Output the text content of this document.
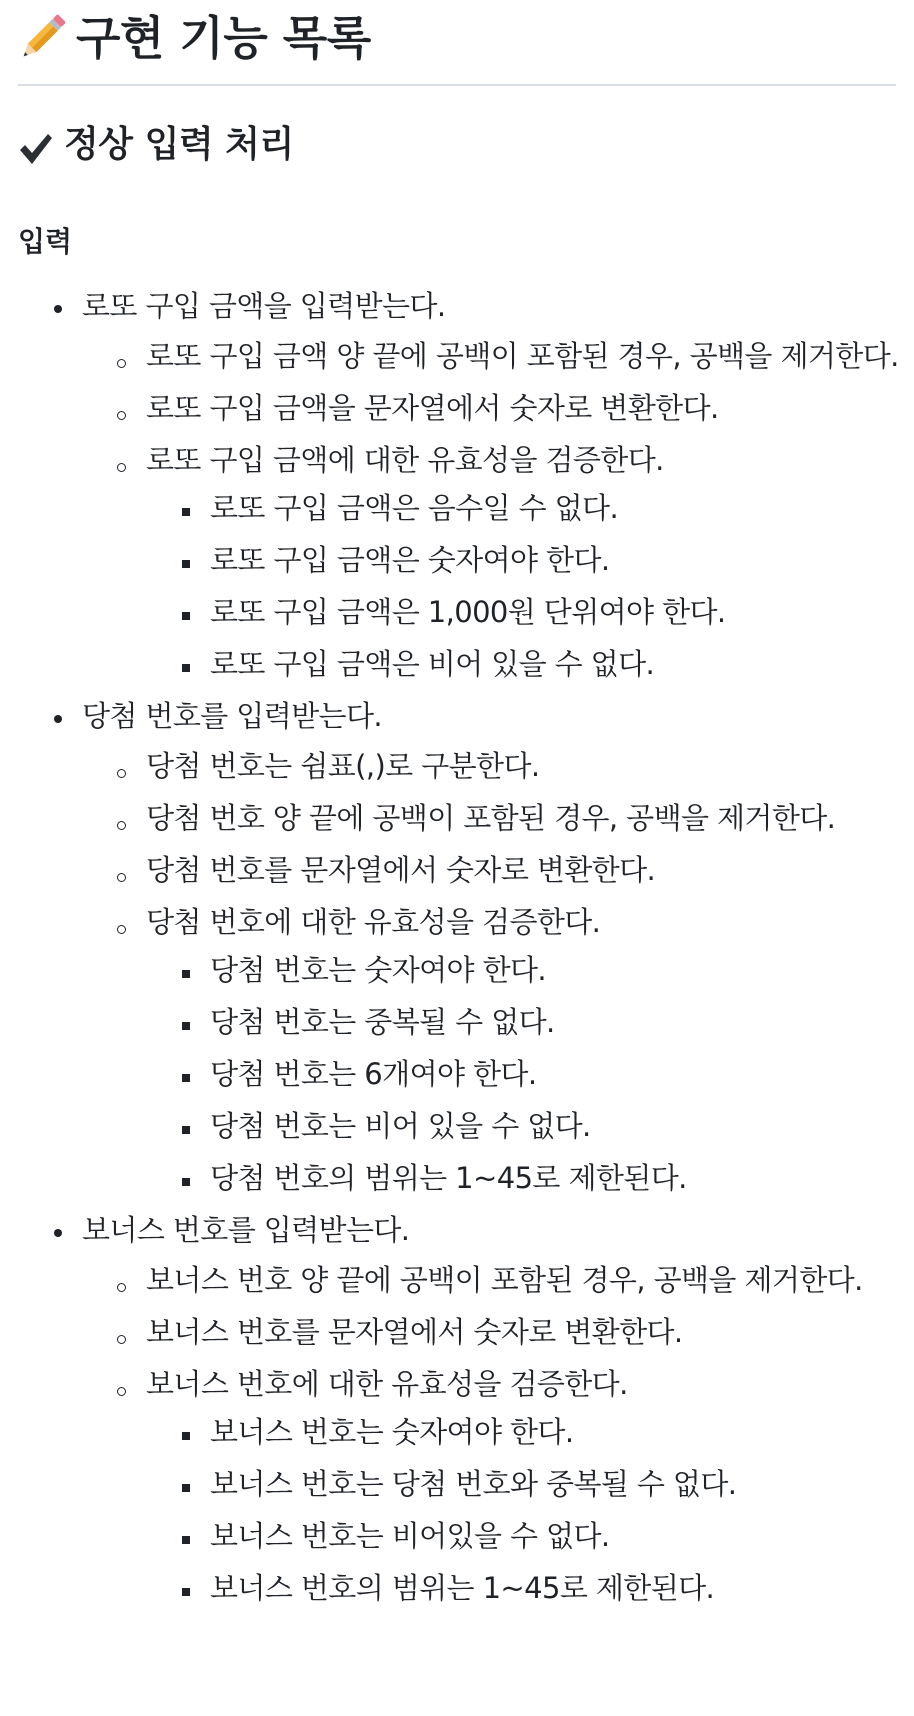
구현 기능 목록
정상 입력 처리
입력
로또 구입 금액을 입력받는다.
로또 구입 금액 양 끝에 공백이 포함된 경우, 공백을 제거한다.
로또 구입 금액을 문자열에서 숫자로 변환한다.
로또 구입 금액에 대한 유효성을 검증한다.
로또 구입 금액은 음수일 수 없다.
로또 구입 금액은 숫자여야 한다.
로또 구입 금액은 1,000원 단위여야 한다.
로또 구입 금액은 비어 있을 수 없다.
당첨 번호를 입력받는다.
당첨 번호는 쉼표(,)로 구분한다.
당첨 번호 양 끝에 공백이 포함된 경우, 공백을 제거한다.
당첨 번호를 문자열에서 숫자로 변환한다.
당첨 번호에 대한 유효성을 검증한다.
당첨 번호는 숫자여야 한다.
당첨 번호는 중복될 수 없다.
당첨 번호는 6개여야 한다.
당첨 번호는 비어 있을 수 없다.
당첨 번호의 범위는 1~45로 제한된다.
보너스 번호를 입력받는다.
보너스 번호 양 끝에 공백이 포함된 경우, 공백을 제거한다.
보너스 번호를 문자열에서 숫자로 변환한다.
보너스 번호에 대한 유효성을 검증한다.
보너스 번호는 숫자여야 한다.
보너스 번호는 당첨 번호와 중복될 수 없다.
보너스 번호는 비어있을 수 없다.
보너스 번호의 범위는 1~45로 제한된다.
